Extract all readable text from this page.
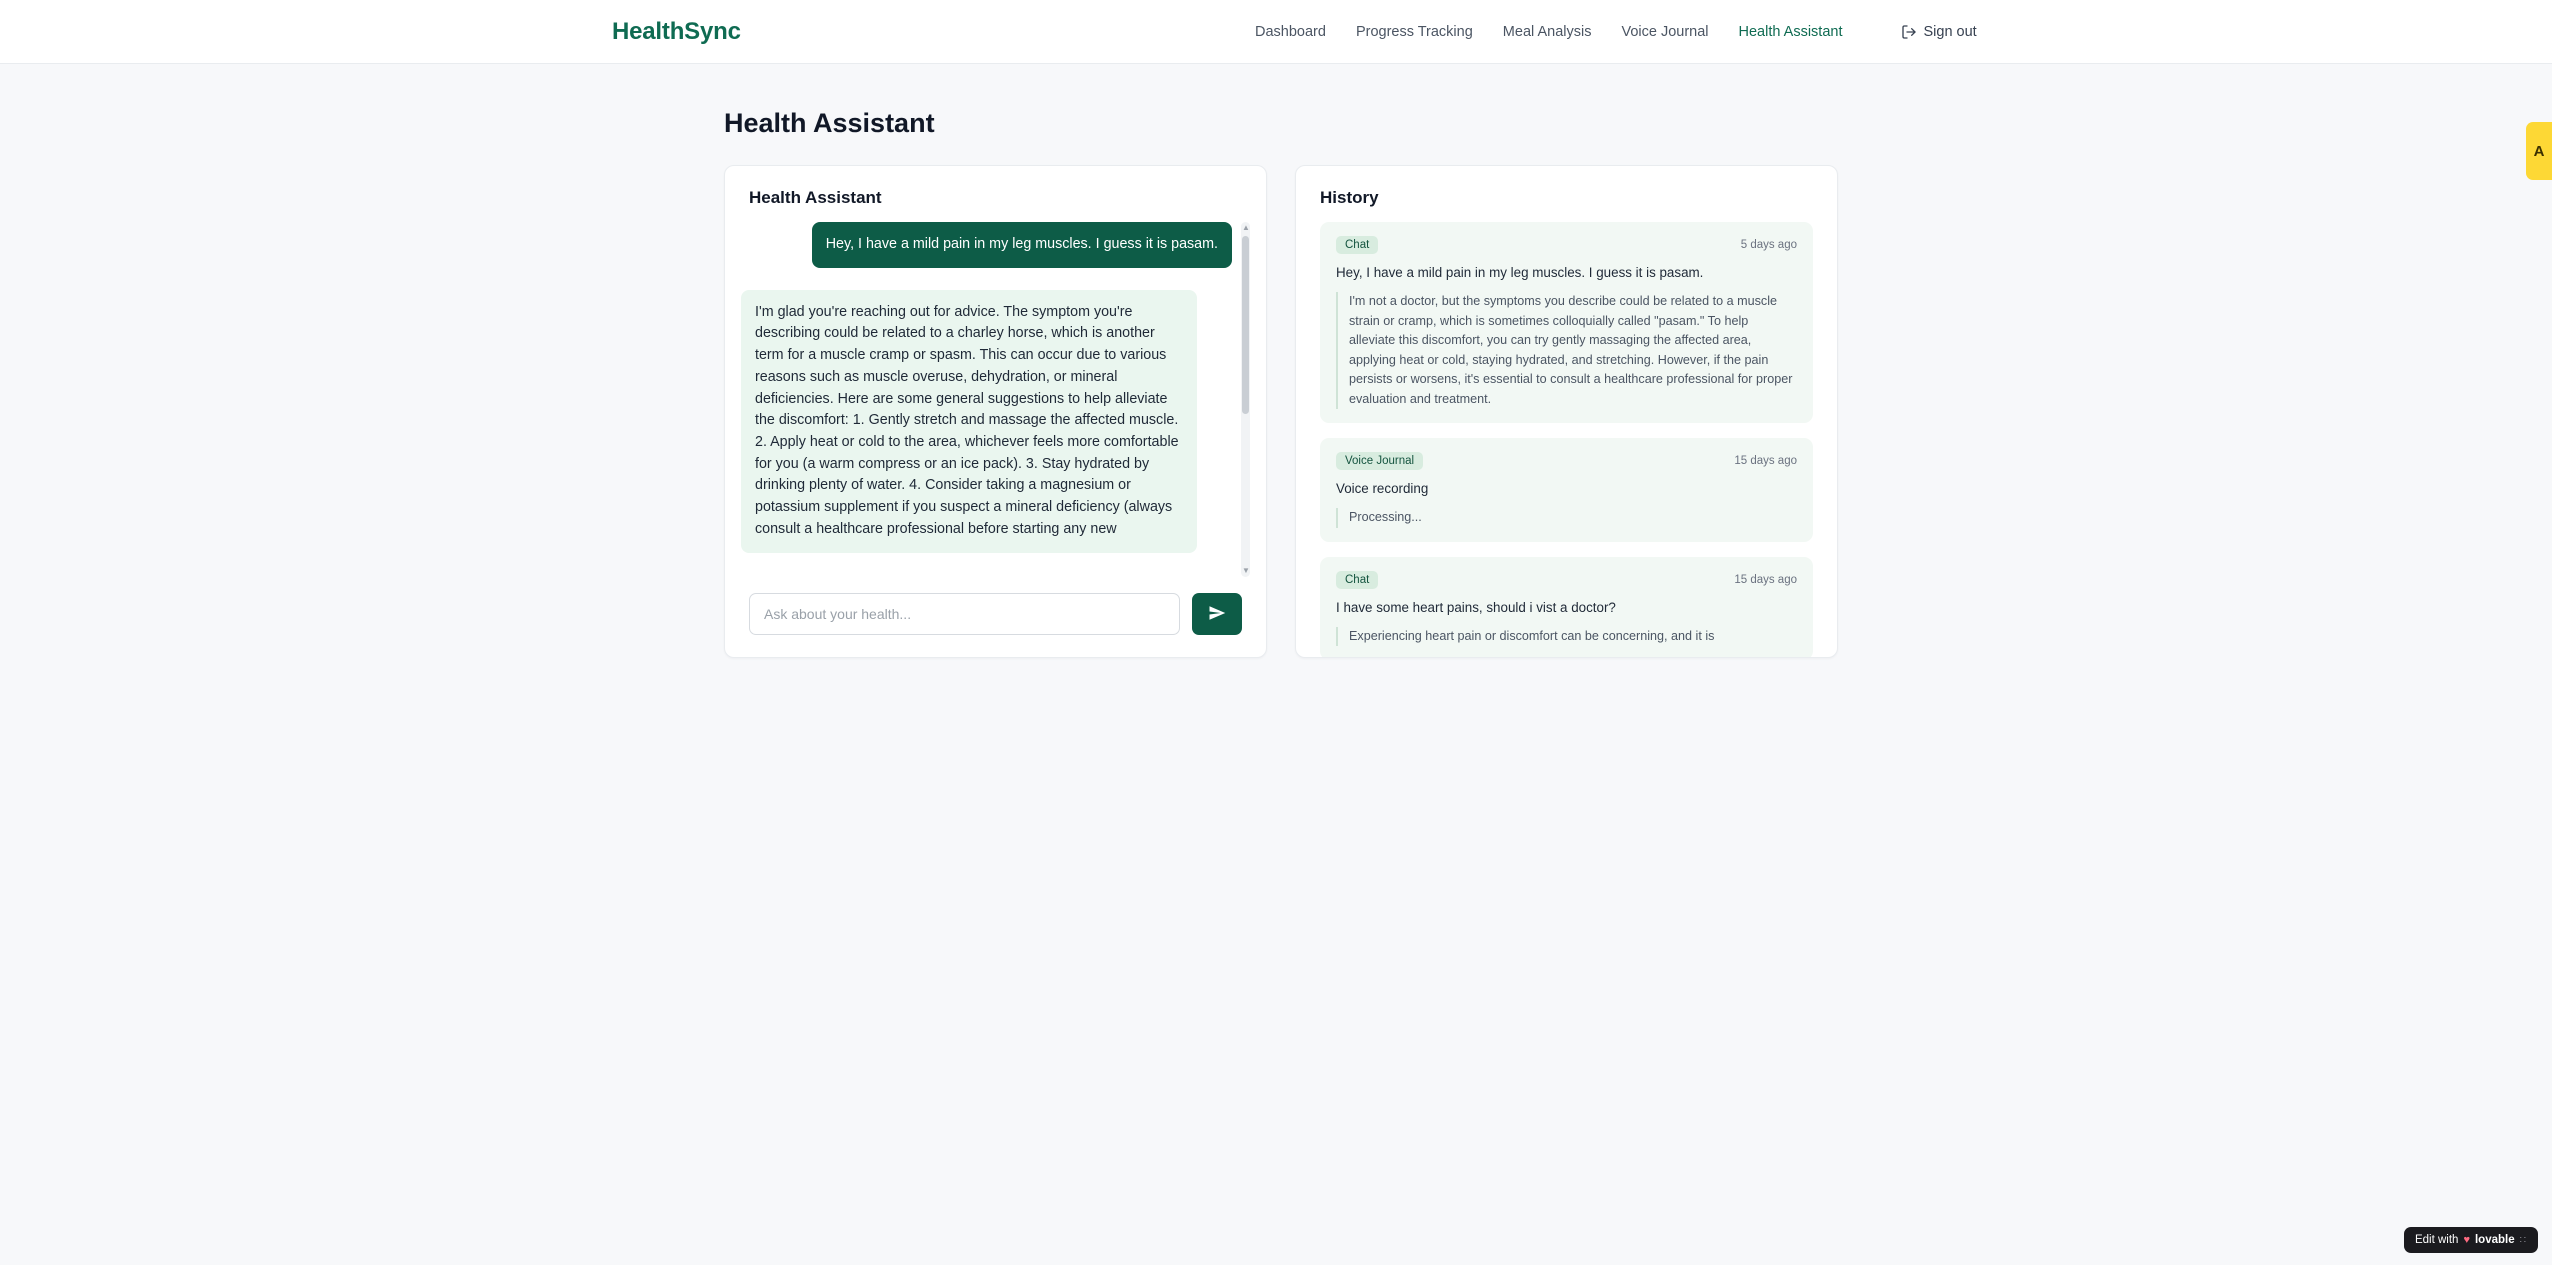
HealthSync	Dashboard Progress Tracking Meal Analysis Voice Journal Health Assistant	Sign out
Health Assistant
Health Assistant
Hey, I have a mild pain in my leg muscles. I guess it is pasam.
I'm glad you're reaching out for advice. The symptom you're describing could be related to a charley horse, which is another term for a muscle cramp or spasm. This can occur due to various reasons such as muscle overuse, dehydration, or mineral deficiencies. Here are some general suggestions to help alleviate the discomfort: 1. Gently stretch and massage the affected muscle. 2. Apply heat or cold to the area, whichever feels more comfortable for you (a warm compress or an ice pack). 3. Stay hydrated by drinking plenty of water. 4. Consider taking a magnesium or potassium supplement if you suspect a mineral deficiency (always consult a healthcare professional before starting any new
▲
▼
Ask about your health...
History
Chat	5 days ago
Hey, I have a mild pain in my leg muscles. I guess it is pasam.
I'm not a doctor, but the symptoms you describe could be related to a muscle strain or cramp, which is sometimes colloquially called "pasam." To help alleviate this discomfort, you can try gently massaging the affected area, applying heat or cold, staying hydrated, and stretching. However, if the pain persists or worsens, it's essential to consult a healthcare professional for proper evaluation and treatment.
Voice Journal	15 days ago
Voice recording
Processing...
Chat	15 days ago
I have some heart pains, should i vist a doctor?
Experiencing heart pain or discomfort can be concerning, and it is
A
Edit with ♥ lovable ∷
